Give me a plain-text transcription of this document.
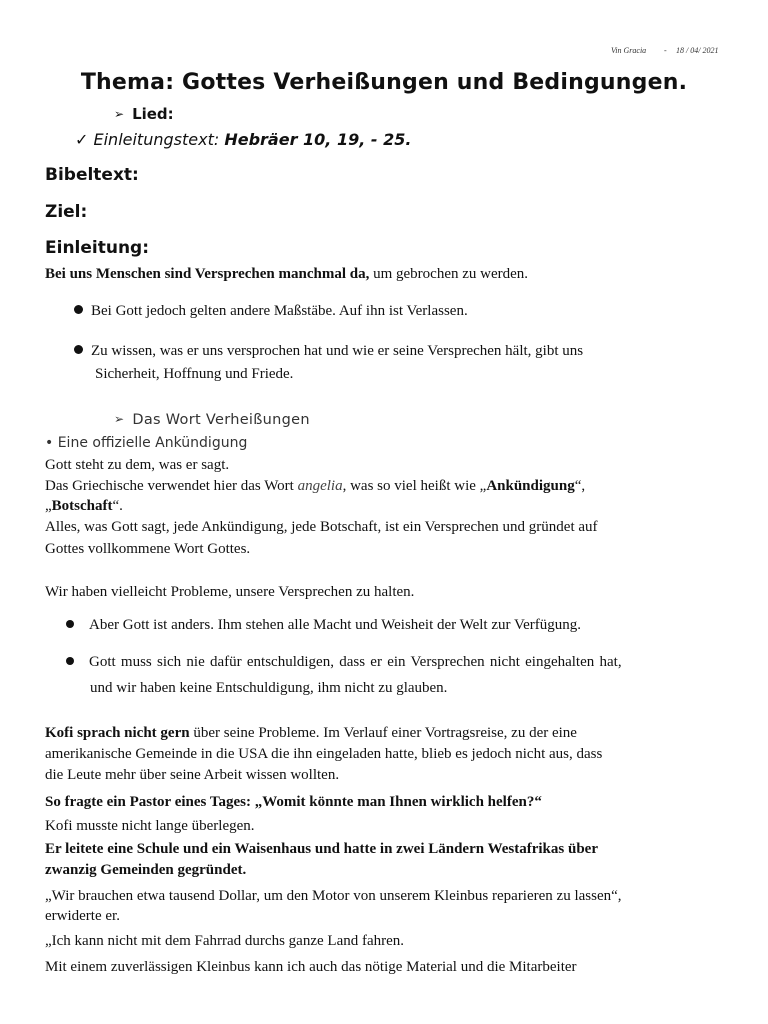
Vin Gracia - 18 / 04/ 2021
Thema: Gottes Verheißungen und Bedingungen.
➢ Lied:
✓ Einleitungstext: Hebräer 10, 19, - 25.
Bibeltext:
Ziel:
Einleitung:
Bei uns Menschen sind Versprechen manchmal da, um gebrochen zu werden.
Bei Gott jedoch gelten andere Maßstäbe. Auf ihn ist Verlassen.
Zu wissen, was er uns versprochen hat und wie er seine Versprechen hält, gibt uns
Sicherheit, Hoffnung und Friede.
➢ Das Wort Verheißungen
• Eine offizielle Ankündigung
Gott steht zu dem, was er sagt.
Das Griechische verwendet hier das Wort angelia, was so viel heißt wie „Ankündigung“,
„Botschaft“.
Alles, was Gott sagt, jede Ankündigung, jede Botschaft, ist ein Versprechen und gründet auf
Gottes vollkommene Wort Gottes.
Wir haben vielleicht Probleme, unsere Versprechen zu halten.
Aber Gott ist anders. Ihm stehen alle Macht und Weisheit der Welt zur Verfügung.
Gott muss sich nie dafür entschuldigen, dass er ein Versprechen nicht eingehalten hat,
und wir haben keine Entschuldigung, ihm nicht zu glauben.
Kofi sprach nicht gern über seine Probleme. Im Verlauf einer Vortragsreise, zu der eine
amerikanische Gemeinde in die USA die ihn eingeladen hatte, blieb es jedoch nicht aus, dass
die Leute mehr über seine Arbeit wissen wollten.
So fragte ein Pastor eines Tages: „Womit könnte man Ihnen wirklich helfen?“
Kofi musste nicht lange überlegen.
Er leitete eine Schule und ein Waisenhaus und hatte in zwei Ländern Westafrikas über
zwanzig Gemeinden gegründet.
„Wir brauchen etwa tausend Dollar, um den Motor von unserem Kleinbus reparieren zu lassen“,
erwiderte er.
„Ich kann nicht mit dem Fahrrad durchs ganze Land fahren.
Mit einem zuverlässigen Kleinbus kann ich auch das nötige Material und die Mitarbeiter
